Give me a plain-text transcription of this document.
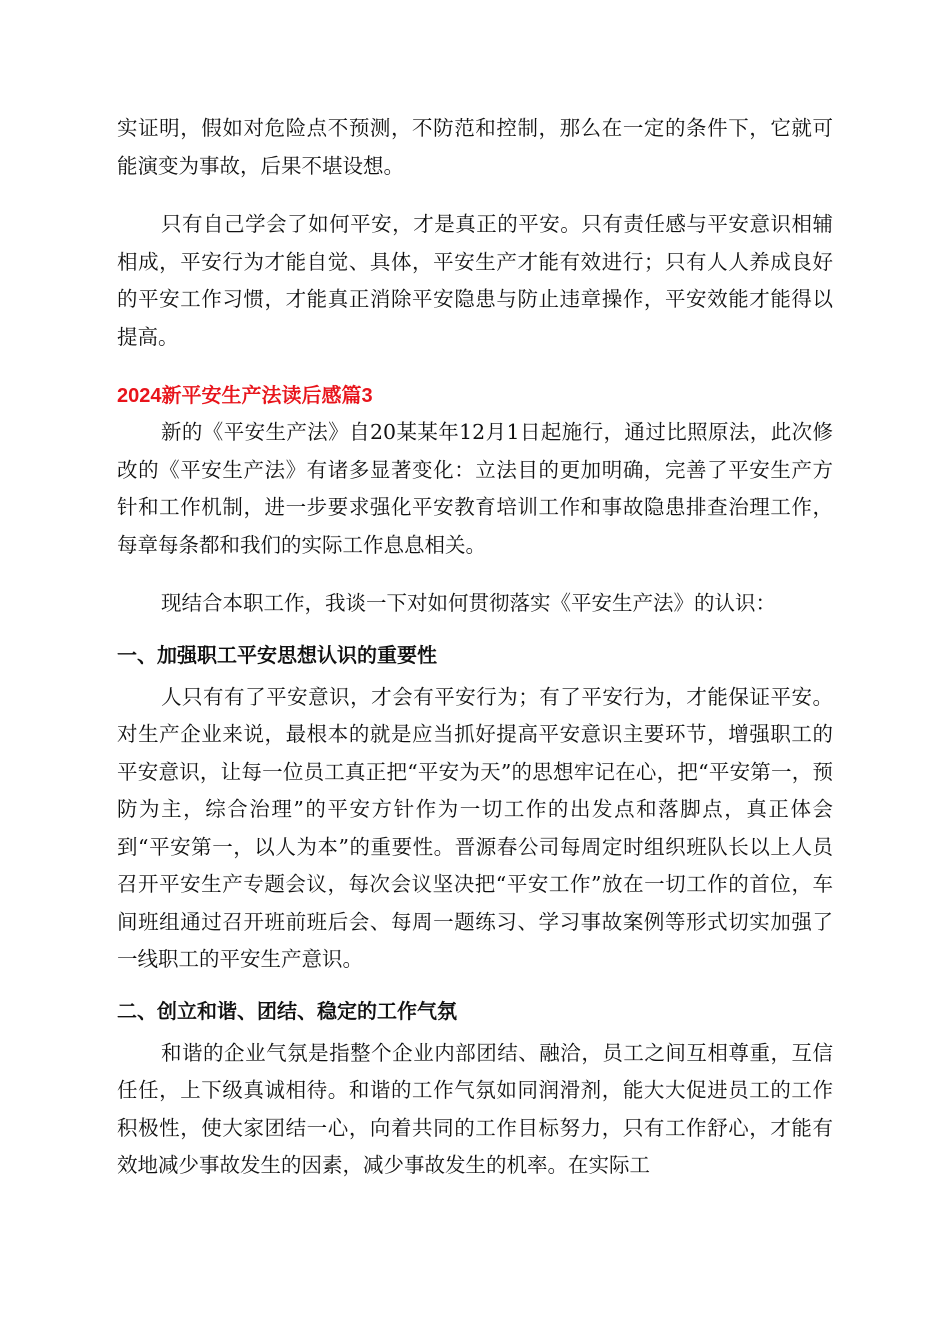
实证明，假如对危险点不预测，不防范和控制，那么在一定的条件下，它就可能演变为事故，后果不堪设想。

只有自己学会了如何平安，才是真正的平安。只有责任感与平安意识相辅相成，平安行为才能自觉、具体，平安生产才能有效进行；只有人人养成良好的平安工作习惯，才能真正消除平安隐患与防止违章操作，平安效能才能得以提高。

2024新平安生产法读后感篇3

新的《平安生产法》自20某某年12月1日起施行，通过比照原法，此次修改的《平安生产法》有诸多显著变化：立法目的更加明确，完善了平安生产方针和工作机制，进一步要求强化平安教育培训工作和事故隐患排查治理工作，每章每条都和我们的实际工作息息相关。

现结合本职工作，我谈一下对如何贯彻落实《平安生产法》的认识：

一、加强职工平安思想认识的重要性

人只有有了平安意识，才会有平安行为；有了平安行为，才能保证平安。对生产企业来说，最根本的就是应当抓好提高平安意识主要环节，增强职工的平安意识，让每一位员工真正把“平安为天”的思想牢记在心，把“平安第一，预防为主，综合治理”的平安方针作为一切工作的出发点和落脚点，真正体会到“平安第一，以人为本”的重要性。晋源春公司每周定时组织班队长以上人员召开平安生产专题会议，每次会议坚决把“平安工作”放在一切工作的首位，车间班组通过召开班前班后会、每周一题练习、学习事故案例等形式切实加强了一线职工的平安生产意识。

二、创立和谐、团结、稳定的工作气氛

和谐的企业气氛是指整个企业内部团结、融洽，员工之间互相尊重，互信任任，上下级真诚相待。和谐的工作气氛如同润滑剂，能大大促进员工的工作积极性，使大家团结一心，向着共同的工作目标努力，只有工作舒心，才能有效地减少事故发生的因素，减少事故发生的机率。在实际工
